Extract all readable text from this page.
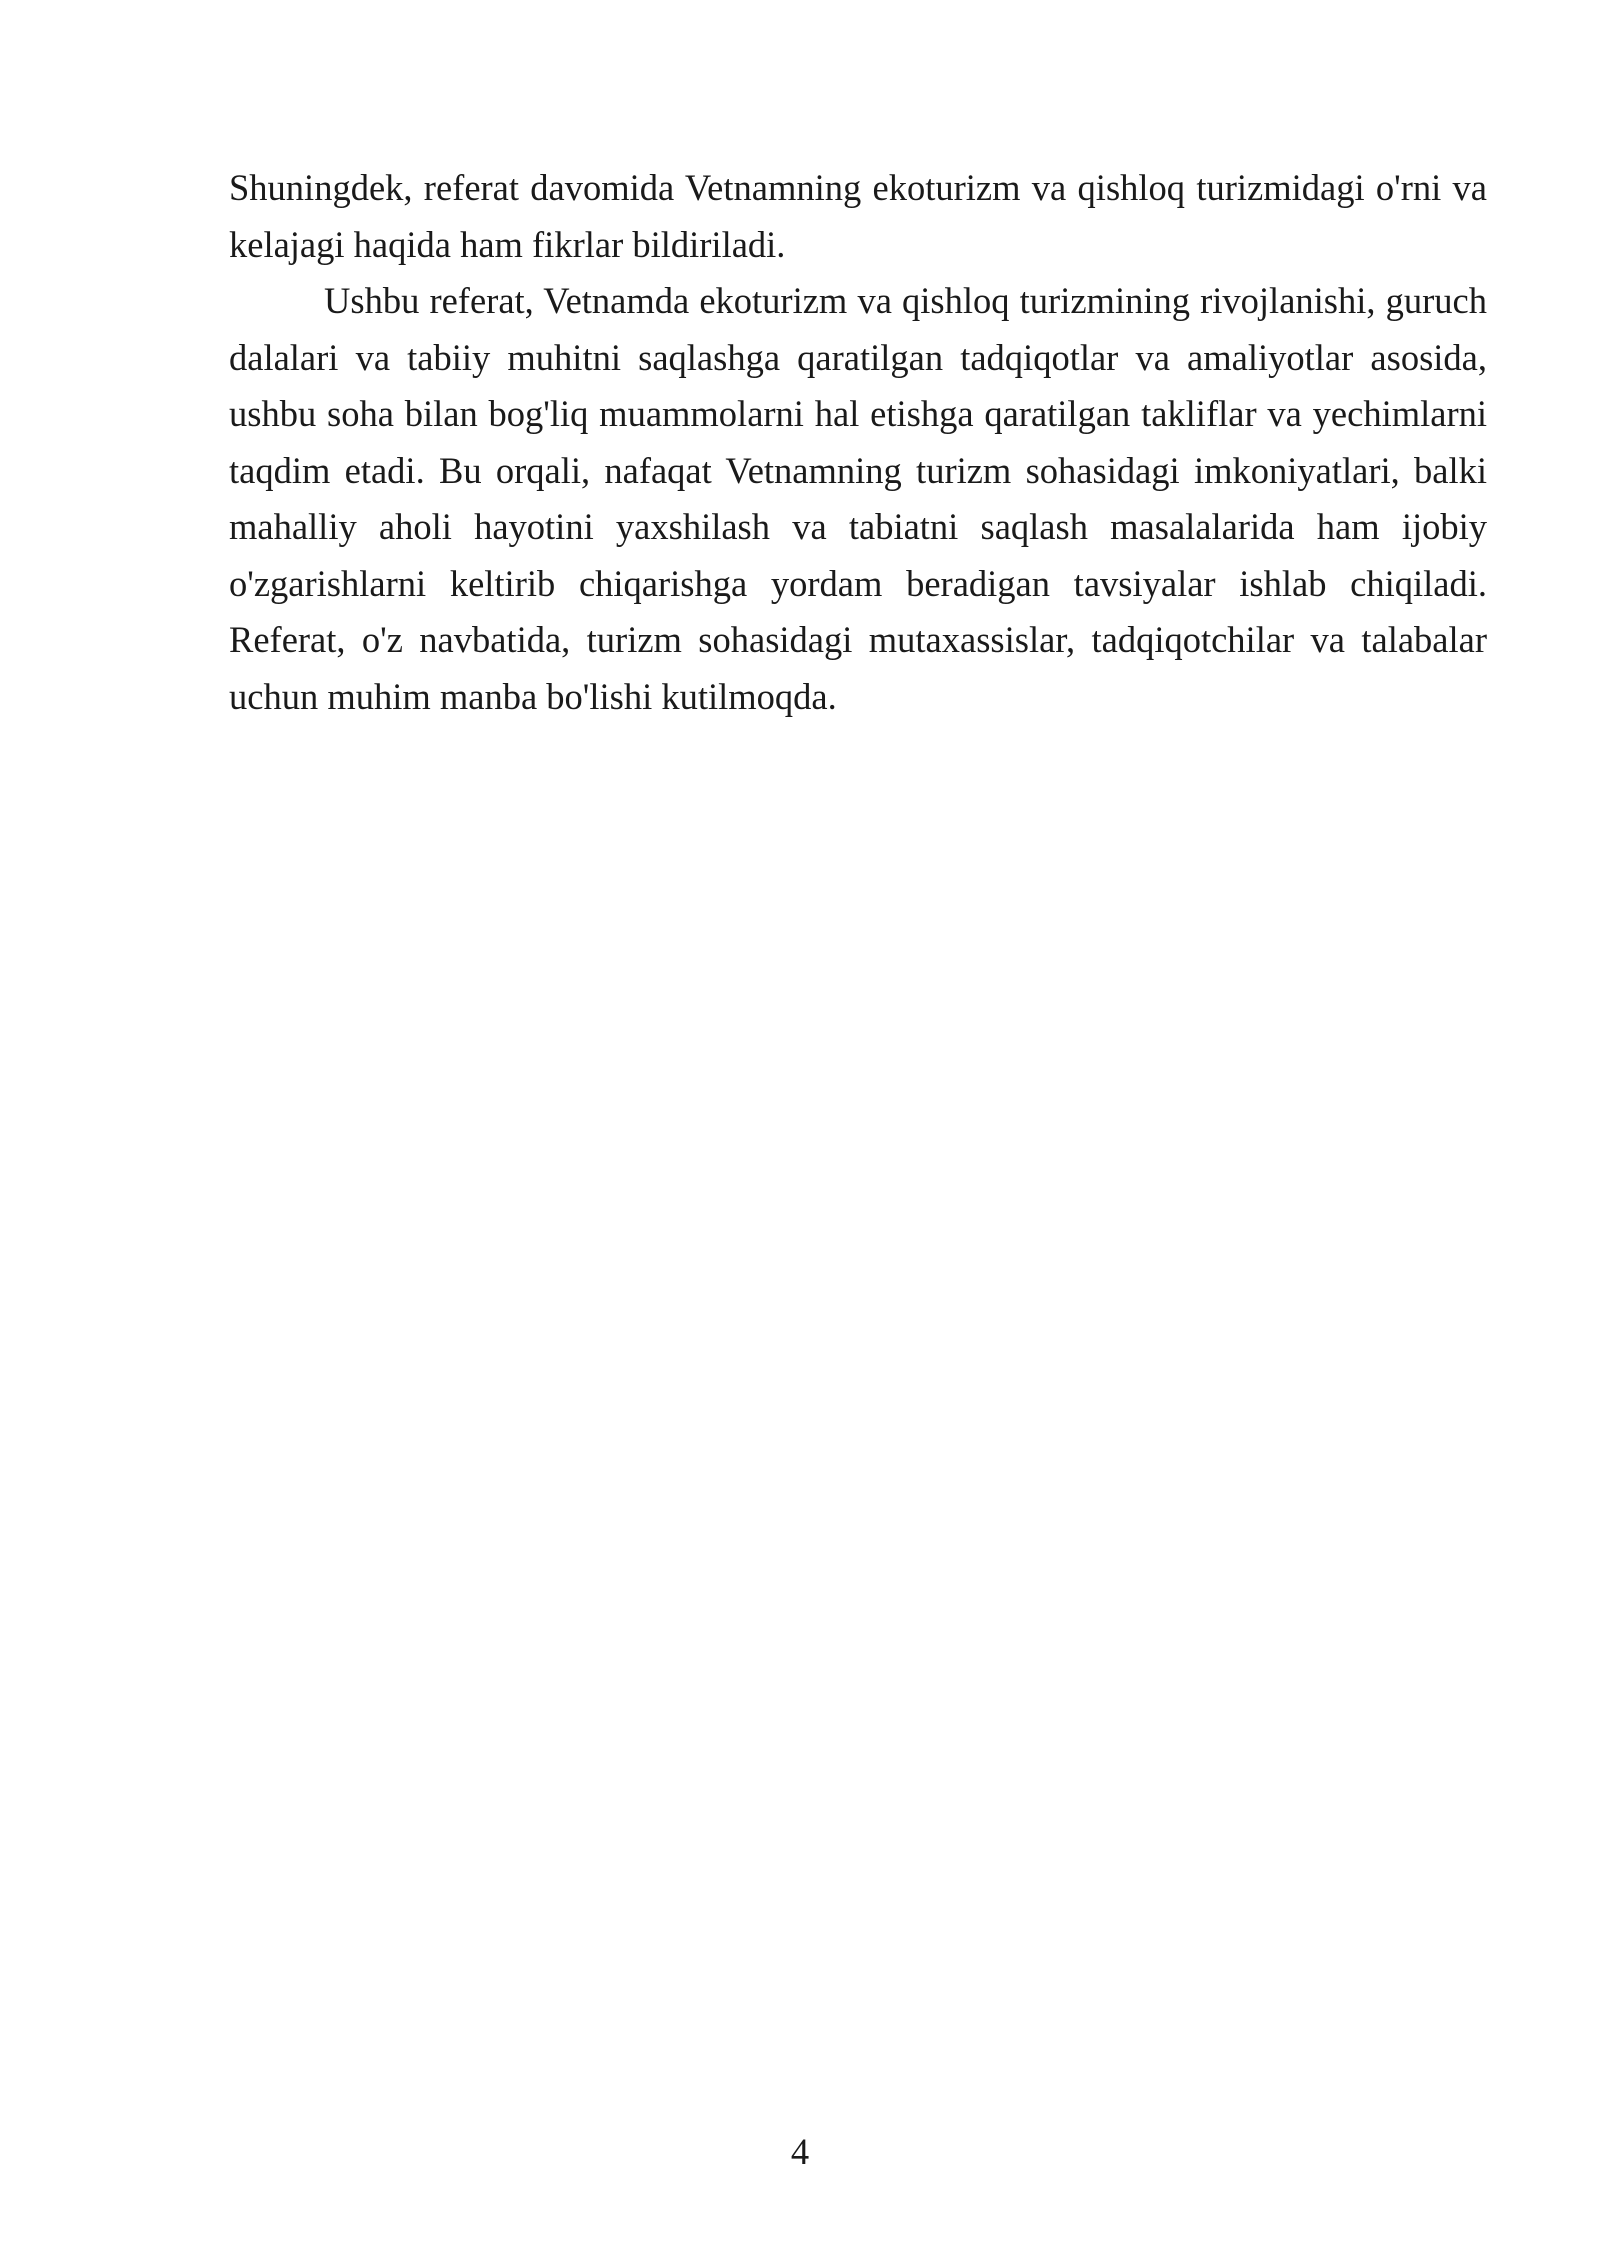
Shuningdek, referat davomida Vetnamning ekoturizm va qishloq turizmidagi o'rni va kelajagi haqida ham fikrlar bildiriladi.

Ushbu referat, Vetnamda ekoturizm va qishloq turizmining rivojlanishi, guruch dalalari va tabiiy muhitni saqlashga qaratilgan tadqiqotlar va amaliyotlar asosida, ushbu soha bilan bog'liq muammolarni hal etishga qaratilgan takliflar va yechimlarni taqdim etadi. Bu orqali, nafaqat Vetnamning turizm sohasidagi imkoniyatlari, balki mahalliy aholi hayotini yaxshilash va tabiatni saqlash masalalarida ham ijobiy o'zgarishlarni keltirib chiqarishga yordam beradigan tavsiyalar ishlab chiqiladi. Referat, o'z navbatida, turizm sohasidagi mutaxassislar, tadqiqotchilar va talabalar uchun muhim manba bo'lishi kutilmoqda.

4
